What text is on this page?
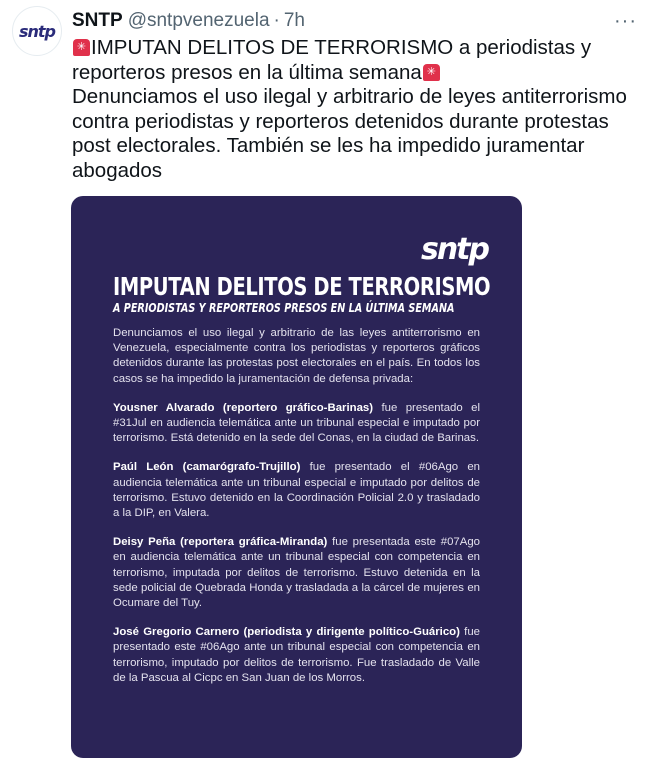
sntp SNTP @sntpvenezuela · 7h	···

✳IMPUTAN DELITOS DE TERRORISMO a periodistas y reporteros presos en la última semana✳

Denunciamos el uso ilegal y arbitrario de leyes antiterrorismo contra periodistas y reporteros detenidos durante protestas post electorales. También se les ha impedido juramentar abogados

sntp
IMPUTAN DELITOS DE TERRORISMO
A PERIODISTAS Y REPORTEROS PRESOS EN LA ÚLTIMA SEMANA

Denunciamos el uso ilegal y arbitrario de las leyes antiterrorismo en Venezuela, especialmente contra los periodistas y reporteros gráficos detenidos durante las protestas post electorales en el país. En todos los casos se ha impedido la juramentación de defensa privada:

Yousner Alvarado (reportero gráfico-Barinas) fue presentado el #31Jul en audiencia telemática ante un tribunal especial e imputado por terrorismo. Está detenido en la sede del Conas, en la ciudad de Barinas.

Paúl León (camarógrafo-Trujillo) fue presentado el #06Ago en audiencia telemática ante un tribunal especial e imputado por delitos de terrorismo. Estuvo detenido en la Coordinación Policial 2.0 y trasladado a la DIP, en Valera.

Deisy Peña (reportera gráfica-Miranda) fue presentada este #07Ago en audiencia telemática ante un tribunal especial con competencia en terrorismo, imputada por delitos de terrorismo. Estuvo detenida en la sede policial de Quebrada Honda y trasladada a la cárcel de mujeres en Ocumare del Tuy.

José Gregorio Carnero (periodista y dirigente político-Guárico) fue presentado este #06Ago ante un tribunal especial con competencia en terrorismo, imputado por delitos de terrorismo. Fue trasladado de Valle de la Pascua al Cicpc en San Juan de los Morros.
